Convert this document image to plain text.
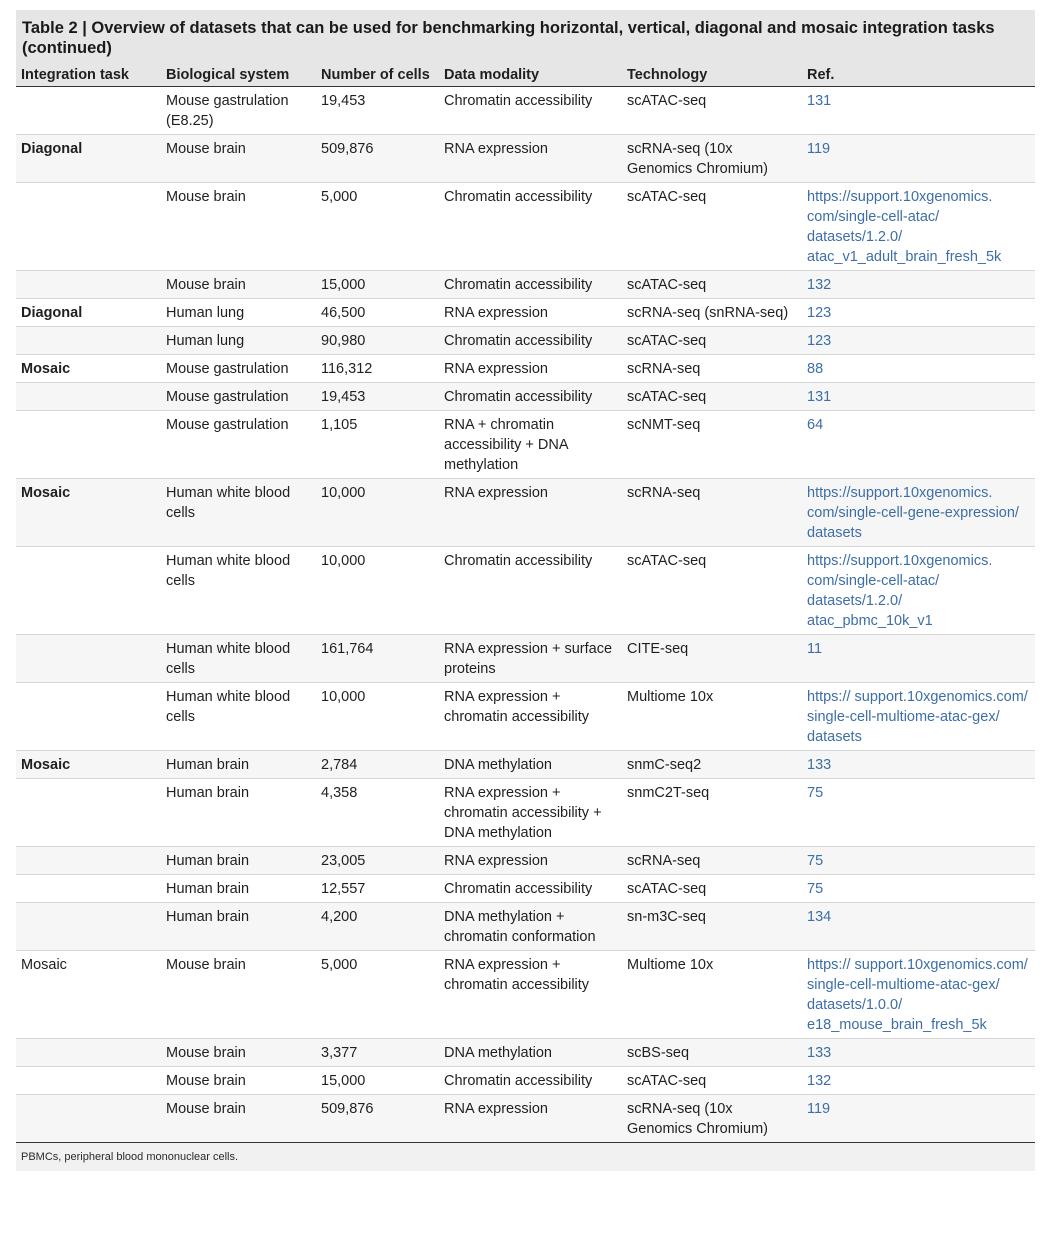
Table 2 | Overview of datasets that can be used for benchmarking horizontal, vertical, diagonal and mosaic integration tasks (continued)
Integration task	Biological system	Number of cells	Data modality	Technology	Ref.
	Mouse gastrulation (E8.25)	19,453	Chromatin accessibility	scATAC-seq	131
Diagonal	Mouse brain	509,876	RNA expression	scRNA-seq (10x Genomics Chromium)	119
	Mouse brain	5,000	Chromatin accessibility	scATAC-seq	https://support.10xgenomics. com/single-cell-atac/ datasets/1.2.0/ atac_v1_adult_brain_fresh_5k
	Mouse brain	15,000	Chromatin accessibility	scATAC-seq	132
Diagonal	Human lung	46,500	RNA expression	scRNA-seq (snRNA-seq)	123
	Human lung	90,980	Chromatin accessibility	scATAC-seq	123
Mosaic	Mouse gastrulation	116,312	RNA expression	scRNA-seq	88
	Mouse gastrulation	19,453	Chromatin accessibility	scATAC-seq	131
	Mouse gastrulation	1,105	RNA + chromatin accessibility + DNA methylation	scNMT-seq	64
Mosaic	Human white blood cells	10,000	RNA expression	scRNA-seq	https://support.10xgenomics. com/single-cell-gene-expression/ datasets
	Human white blood cells	10,000	Chromatin accessibility	scATAC-seq	https://support.10xgenomics. com/single-cell-atac/ datasets/1.2.0/ atac_pbmc_10k_v1
	Human white blood cells	161,764	RNA expression + surface proteins	CITE-seq	11
	Human white blood cells	10,000	RNA expression + chromatin accessibility	Multiome 10x	https:// support.10xgenomics.com/ single-cell-multiome-atac-gex/ datasets
Mosaic	Human brain	2,784	DNA methylation	snmC-seq2	133
	Human brain	4,358	RNA expression + chromatin accessibility + DNA methylation	snmC2T-seq	75
	Human brain	23,005	RNA expression	scRNA-seq	75
	Human brain	12,557	Chromatin accessibility	scATAC-seq	75
	Human brain	4,200	DNA methylation + chromatin conformation	sn-m3C-seq	134
Mosaic	Mouse brain	5,000	RNA expression + chromatin accessibility	Multiome 10x	https:// support.10xgenomics.com/ single-cell-multiome-atac-gex/ datasets/1.0.0/ e18_mouse_brain_fresh_5k
	Mouse brain	3,377	DNA methylation	scBS-seq	133
	Mouse brain	15,000	Chromatin accessibility	scATAC-seq	132
	Mouse brain	509,876	RNA expression	scRNA-seq (10x Genomics Chromium)	119
PBMCs, peripheral blood mononuclear cells.
